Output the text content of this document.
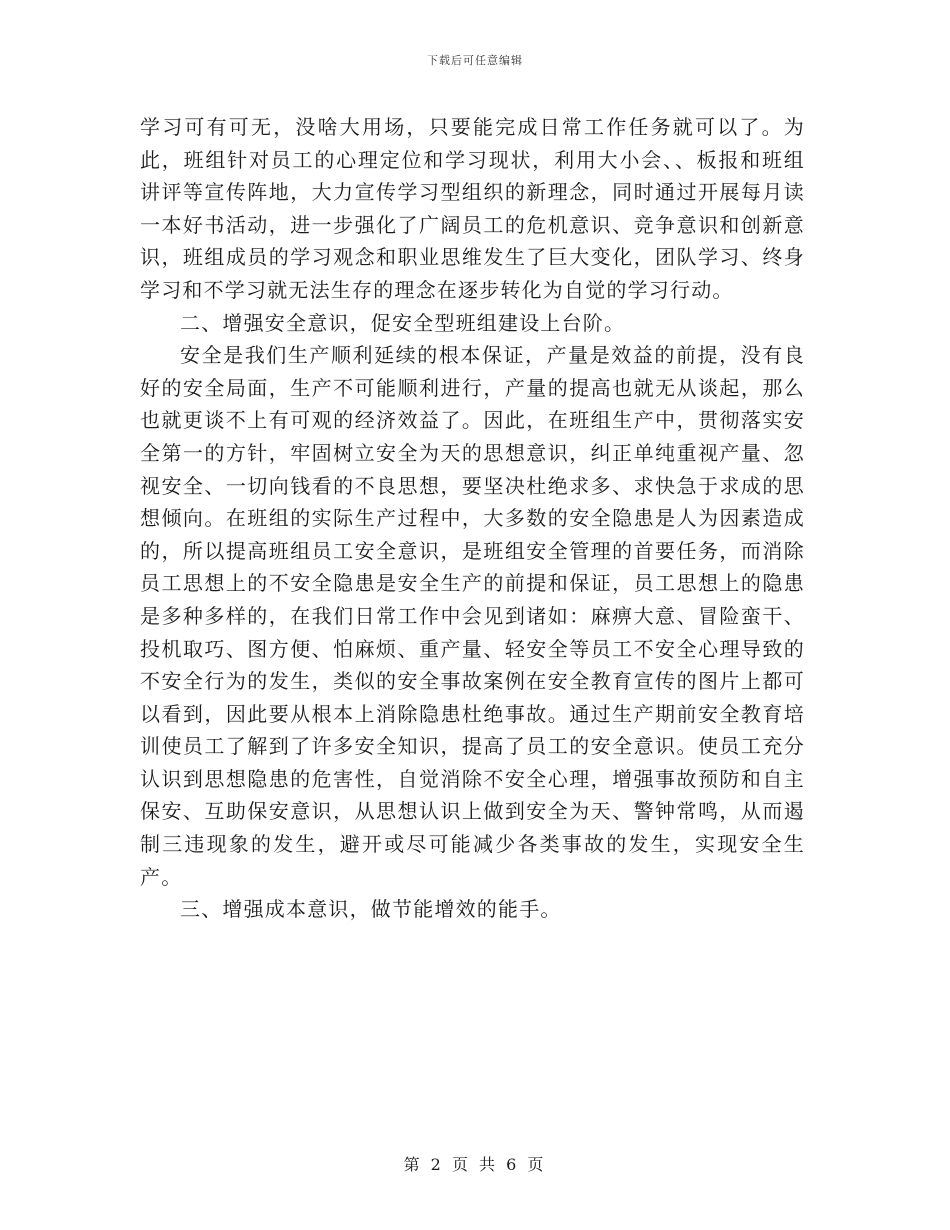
下载后可任意编辑

学习可有可无，没啥大用场，只要能完成日常工作任务就可以了。为此，班组针对员工的心理定位和学习现状，利用大小会、、板报和班组讲评等宣传阵地，大力宣传学习型组织的新理念，同时通过开展每月读一本好书活动，进一步强化了广阔员工的危机意识、竞争意识和创新意识，班组成员的学习观念和职业思维发生了巨大变化，团队学习、终身学习和不学习就无法生存的理念在逐步转化为自觉的学习行动。

二、增强安全意识，促安全型班组建设上台阶。

安全是我们生产顺利延续的根本保证，产量是效益的前提，没有良好的安全局面，生产不可能顺利进行，产量的提高也就无从谈起，那么也就更谈不上有可观的经济效益了。因此，在班组生产中，贯彻落实安全第一的方针，牢固树立安全为天的思想意识，纠正单纯重视产量、忽视安全、一切向钱看的不良思想，要坚决杜绝求多、求快急于求成的思想倾向。在班组的实际生产过程中，大多数的安全隐患是人为因素造成的，所以提高班组员工安全意识，是班组安全管理的首要任务，而消除员工思想上的不安全隐患是安全生产的前提和保证，员工思想上的隐患是多种多样的，在我们日常工作中会见到诸如：麻痹大意、冒险蛮干、投机取巧、图方便、怕麻烦、重产量、轻安全等员工不安全心理导致的不安全行为的发生，类似的安全事故案例在安全教育宣传的图片上都可以看到，因此要从根本上消除隐患杜绝事故。通过生产期前安全教育培训使员工了解到了许多安全知识，提高了员工的安全意识。使员工充分认识到思想隐患的危害性，自觉消除不安全心理，增强事故预防和自主保安、互助保安意识，从思想认识上做到安全为天、警钟常鸣，从而遏制三违现象的发生，避开或尽可能减少各类事故的发生，实现安全生产。

三、增强成本意识，做节能增效的能手。

第 2 页 共 6 页
